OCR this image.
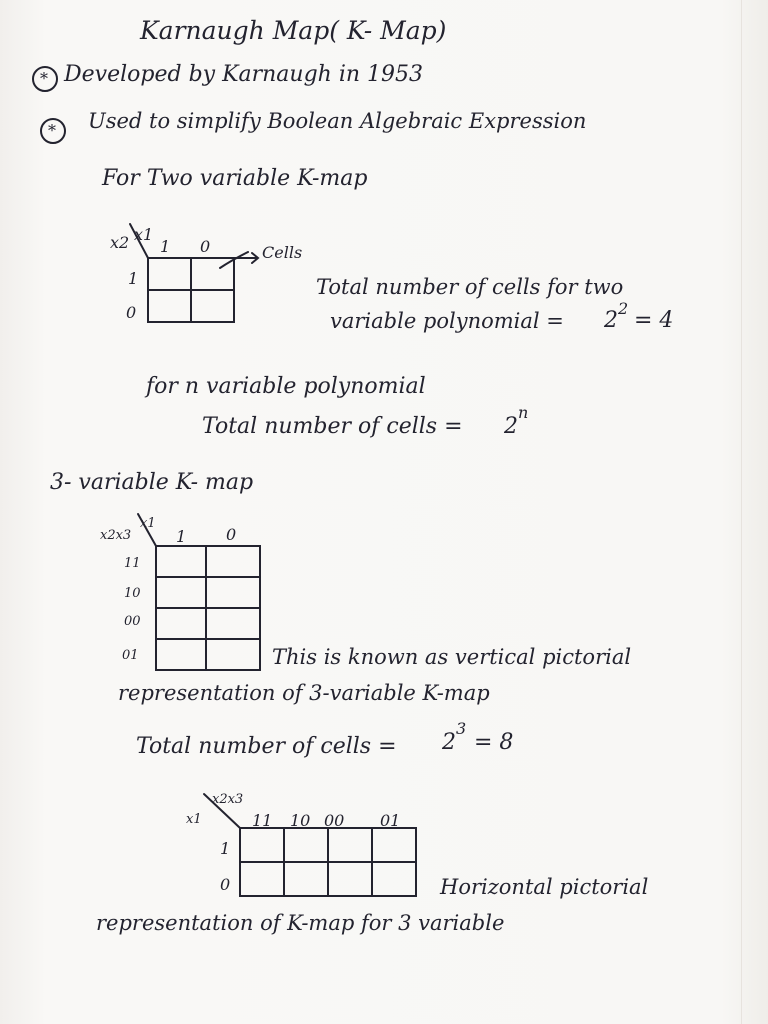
Karnaugh Map( K- Map)
* Developed by Karnaugh in 1953
* Used to simplify Boolean Algebraic Expression
For Two variable K-map
x2 x1
1 0
1
0
Cells
Total number of cells for two
variable polynomial = 2 2 = 4
for n variable polynomial
Total number of cells = 2
n
3- variable K- map
x2x3
x1
1 0
11
10
00
01	This is known as vertical pictorial
representation of 3-variable K-map
Total number of cells = 2
3
= 8
x2x3
x1	11 10 00 01
1
0	Horizontal pictorial
representation of K-map for 3 variable
